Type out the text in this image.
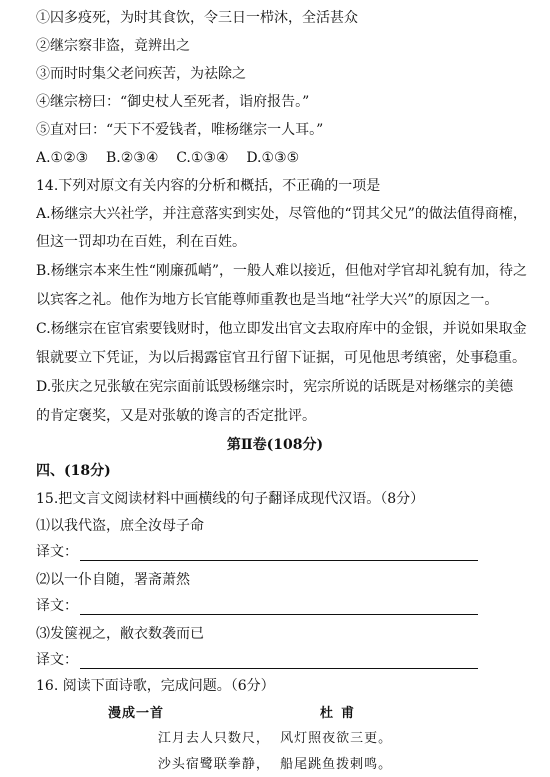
①囚多疫死，为时其食饮，令三日一栉沐，全活甚众
②继宗察非盗，竟辨出之
③而时时集父老问疾苦，为祛除之
④继宗榜曰：“御史杖人至死者，诣府报告。”
⑤直对曰：“天下不爱钱者，唯杨继宗一人耳。”
A.①②③    B.②③④    C.①③④    D.①③⑤
14.下列对原文有关内容的分析和概括，不正确的一项是
A.杨继宗大兴社学，并注意落实到实处，尽管他的“罚其父兄”的做法值得商榷，
但这一罚却功在百姓，利在百姓。
B.杨继宗本来生性“刚廉孤峭”，一般人难以接近，但他对学官却礼貌有加，待之
以宾客之礼。他作为地方长官能尊师重教也是当地“社学大兴”的原因之一。
C.杨继宗在宦官索要钱财时，他立即发出官文去取府库中的金银，并说如果取金
银就要立下凭证，为以后揭露宦官丑行留下证据，可见他思考缜密，处事稳重。
D.张庆之兄张敏在宪宗面前诋毁杨继宗时，宪宗所说的话既是对杨继宗的美德
的肯定褒奖，又是对张敏的谗言的否定批评。
第Ⅱ卷(108分)
四、(18分)
15.把文言文阅读材料中画横线的句子翻译成现代汉语。（8分）
⑴以我代盗，庶全汝母子命
译文：
⑵以一仆自随，署斋萧然
译文：
⑶发箧视之，敝衣数袭而已
译文：
16. 阅读下面诗歌，完成问题。（6分）
漫成一首	杜甫
江月去人只数尺，  风灯照夜欲三更。
沙头宿鹭联拳静，  船尾跳鱼拨剌鸣。
